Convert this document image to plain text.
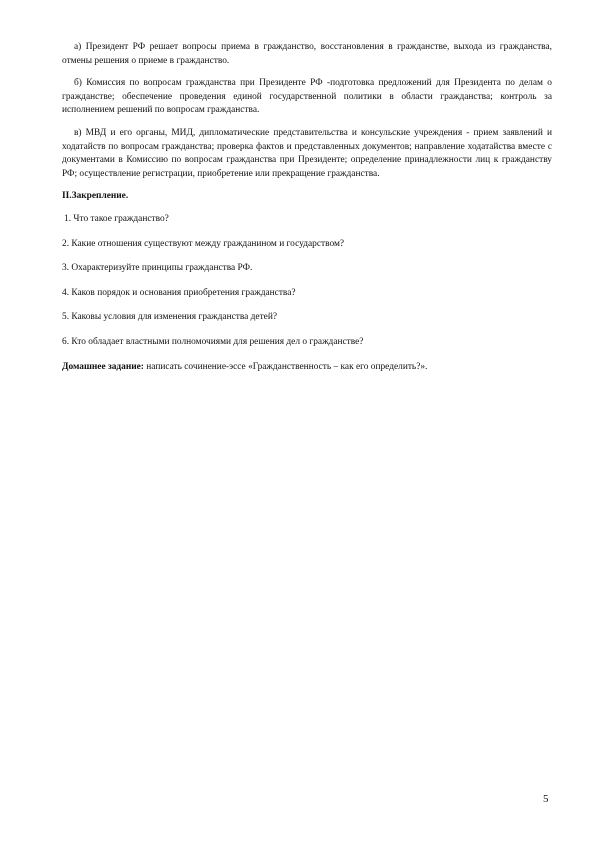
а) Президент РФ решает вопросы приема в гражданство, восстановления в гражданстве, выхода из гражданства, отмены решения о приеме в гражданство.

б) Комиссия по вопросам гражданства при Президенте РФ -подготовка предложений для Президента по делам о гражданстве; обеспечение проведения единой государственной политики в области гражданства; контроль за исполнением решений по вопросам гражданства.

в) МВД и его органы, МИД, дипломатические представительства и консульские учреждения - прием заявлений и ходатайств по вопросам гражданства; проверка фактов и представленных документов; направление ходатайства вместе с документами в Комиссию по вопросам гражданства при Президенте; определение принадлежности лиц к гражданству РФ; осуществление регистрации, приобретение или прекращение гражданства.

II.Закрепление.
1. Что такое гражданство?
2. Какие отношения существуют между гражданином и государством?
3. Охарактеризуйте принципы гражданства РФ.
4. Каков порядок и основания приобретения гражданства?
5. Каковы условия для изменения гражданства детей?
6. Кто обладает властными полномочиями для решения дел о гражданстве?
Домашнее задание: написать сочинение-эссе «Гражданственность – как его определить?».
5
